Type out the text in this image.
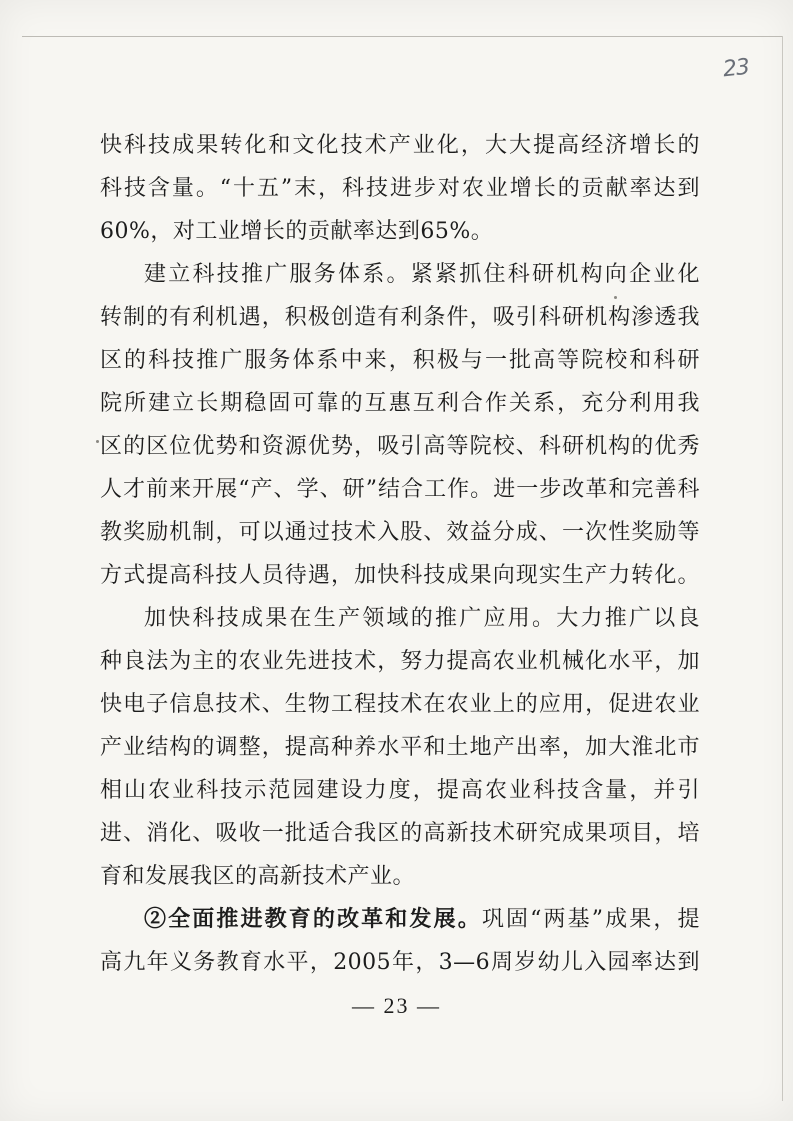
23
快科技成果转化和文化技术产业化，大大提高经济增长的
科技含量。“十五”末，科技进步对农业增长的贡献率达到
60%，对工业增长的贡献率达到65%。
建立科技推广服务体系。紧紧抓住科研机构向企业化
转制的有利机遇，积极创造有利条件，吸引科研机构渗透我
区的科技推广服务体系中来，积极与一批高等院校和科研
院所建立长期稳固可靠的互惠互利合作关系，充分利用我
区的区位优势和资源优势，吸引高等院校、科研机构的优秀
人才前来开展“产、学、研”结合工作。进一步改革和完善科
教奖励机制，可以通过技术入股、效益分成、一次性奖励等
方式提高科技人员待遇，加快科技成果向现实生产力转化。
加快科技成果在生产领域的推广应用。大力推广以良
种良法为主的农业先进技术，努力提高农业机械化水平，加
快电子信息技术、生物工程技术在农业上的应用，促进农业
产业结构的调整，提高种养水平和土地产出率，加大淮北市
相山农业科技示范园建设力度，提高农业科技含量，并引
进、消化、吸收一批适合我区的高新技术研究成果项目，培
育和发展我区的高新技术产业。
②全面推进教育的改革和发展。巩固“两基”成果，提
高九年义务教育水平，2005年，3—6周岁幼儿入园率达到
— 23 —
